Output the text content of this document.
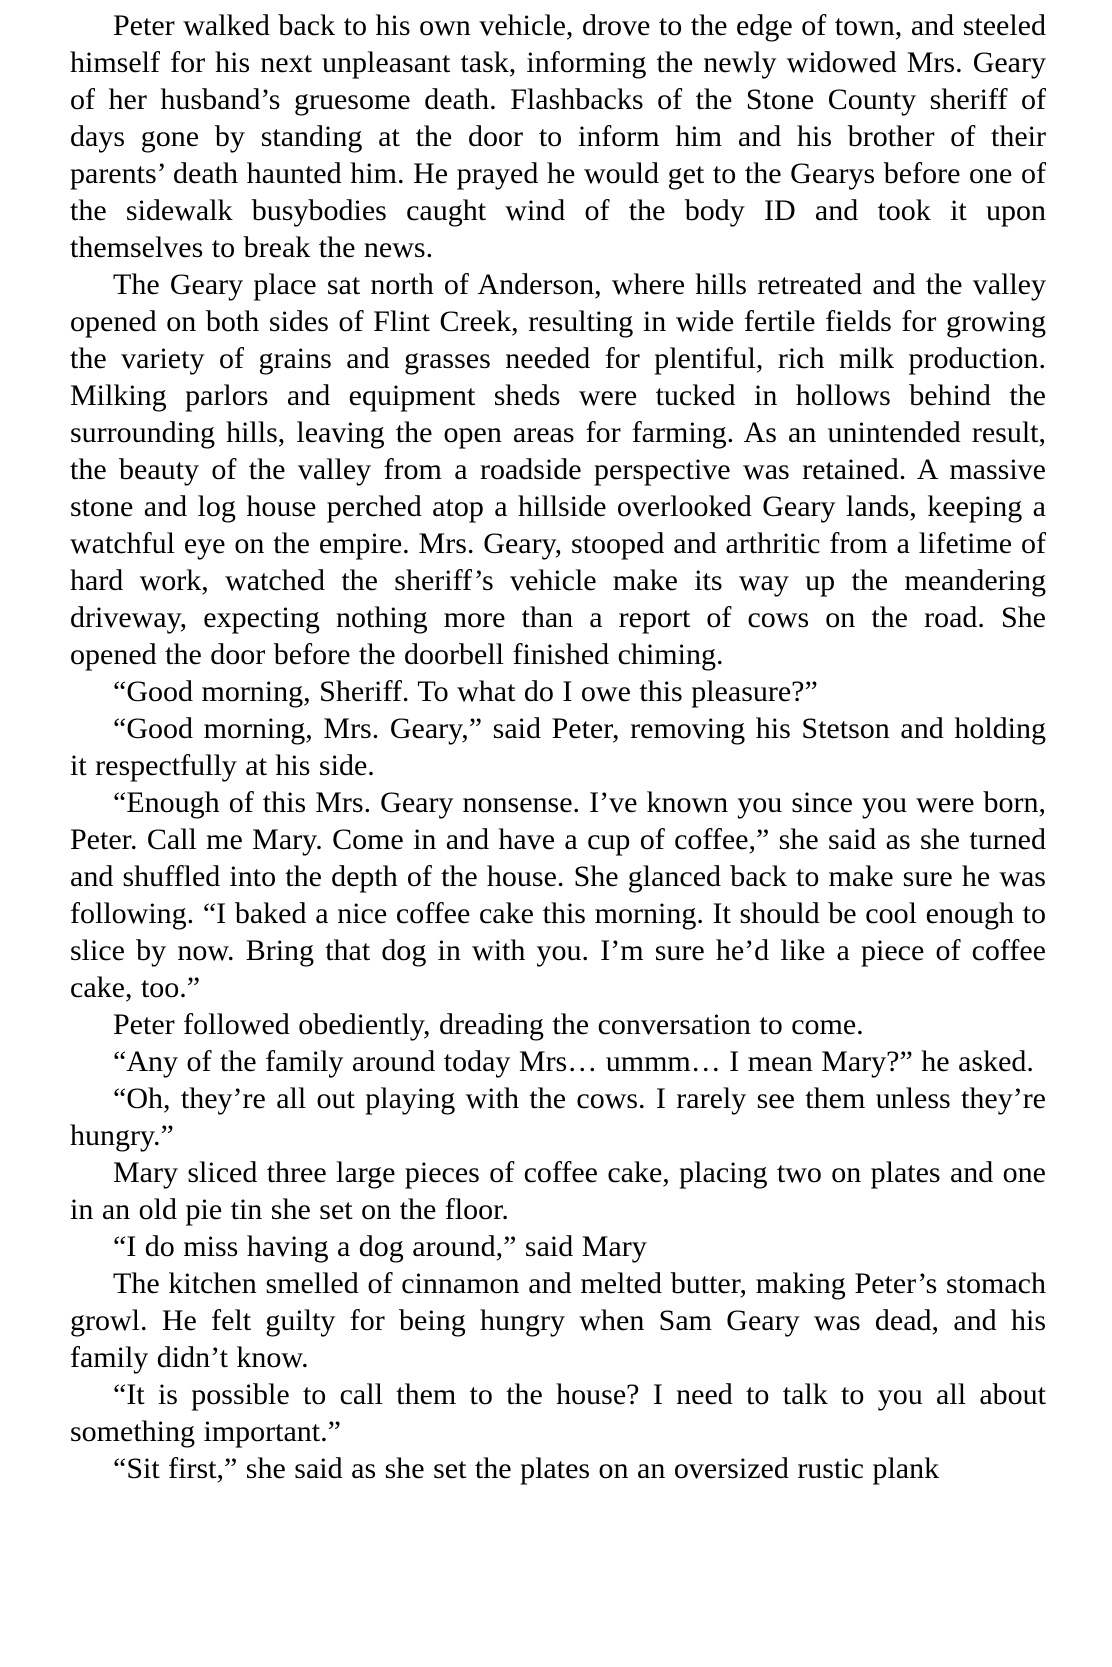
Peter walked back to his own vehicle, drove to the edge of town, and steeled himself for his next unpleasant task, informing the newly widowed Mrs. Geary of her husband’s gruesome death. Flashbacks of the Stone County sheriff of days gone by standing at the door to inform him and his brother of their parents’ death haunted him. He prayed he would get to the Gearys before one of the sidewalk busybodies caught wind of the body ID and took it upon themselves to break the news.

The Geary place sat north of Anderson, where hills retreated and the valley opened on both sides of Flint Creek, resulting in wide fertile fields for growing the variety of grains and grasses needed for plentiful, rich milk production. Milking parlors and equipment sheds were tucked in hollows behind the surrounding hills, leaving the open areas for farming. As an unintended result, the beauty of the valley from a roadside perspective was retained. A massive stone and log house perched atop a hillside overlooked Geary lands, keeping a watchful eye on the empire. Mrs. Geary, stooped and arthritic from a lifetime of hard work, watched the sheriff’s vehicle make its way up the meandering driveway, expecting nothing more than a report of cows on the road. She opened the door before the doorbell finished chiming.

“Good morning, Sheriff. To what do I owe this pleasure?”

“Good morning, Mrs. Geary,” said Peter, removing his Stetson and holding it respectfully at his side.

“Enough of this Mrs. Geary nonsense. I’ve known you since you were born, Peter. Call me Mary. Come in and have a cup of coffee,” she said as she turned and shuffled into the depth of the house. She glanced back to make sure he was following. “I baked a nice coffee cake this morning. It should be cool enough to slice by now. Bring that dog in with you. I’m sure he’d like a piece of coffee cake, too.”

Peter followed obediently, dreading the conversation to come.

“Any of the family around today Mrs… ummm… I mean Mary?” he asked.

“Oh, they’re all out playing with the cows. I rarely see them unless they’re hungry.”

Mary sliced three large pieces of coffee cake, placing two on plates and one in an old pie tin she set on the floor.

“I do miss having a dog around,” said Mary

The kitchen smelled of cinnamon and melted butter, making Peter’s stomach growl. He felt guilty for being hungry when Sam Geary was dead, and his family didn’t know.

“It is possible to call them to the house? I need to talk to you all about something important.”

“Sit first,” she said as she set the plates on an oversized rustic plank
